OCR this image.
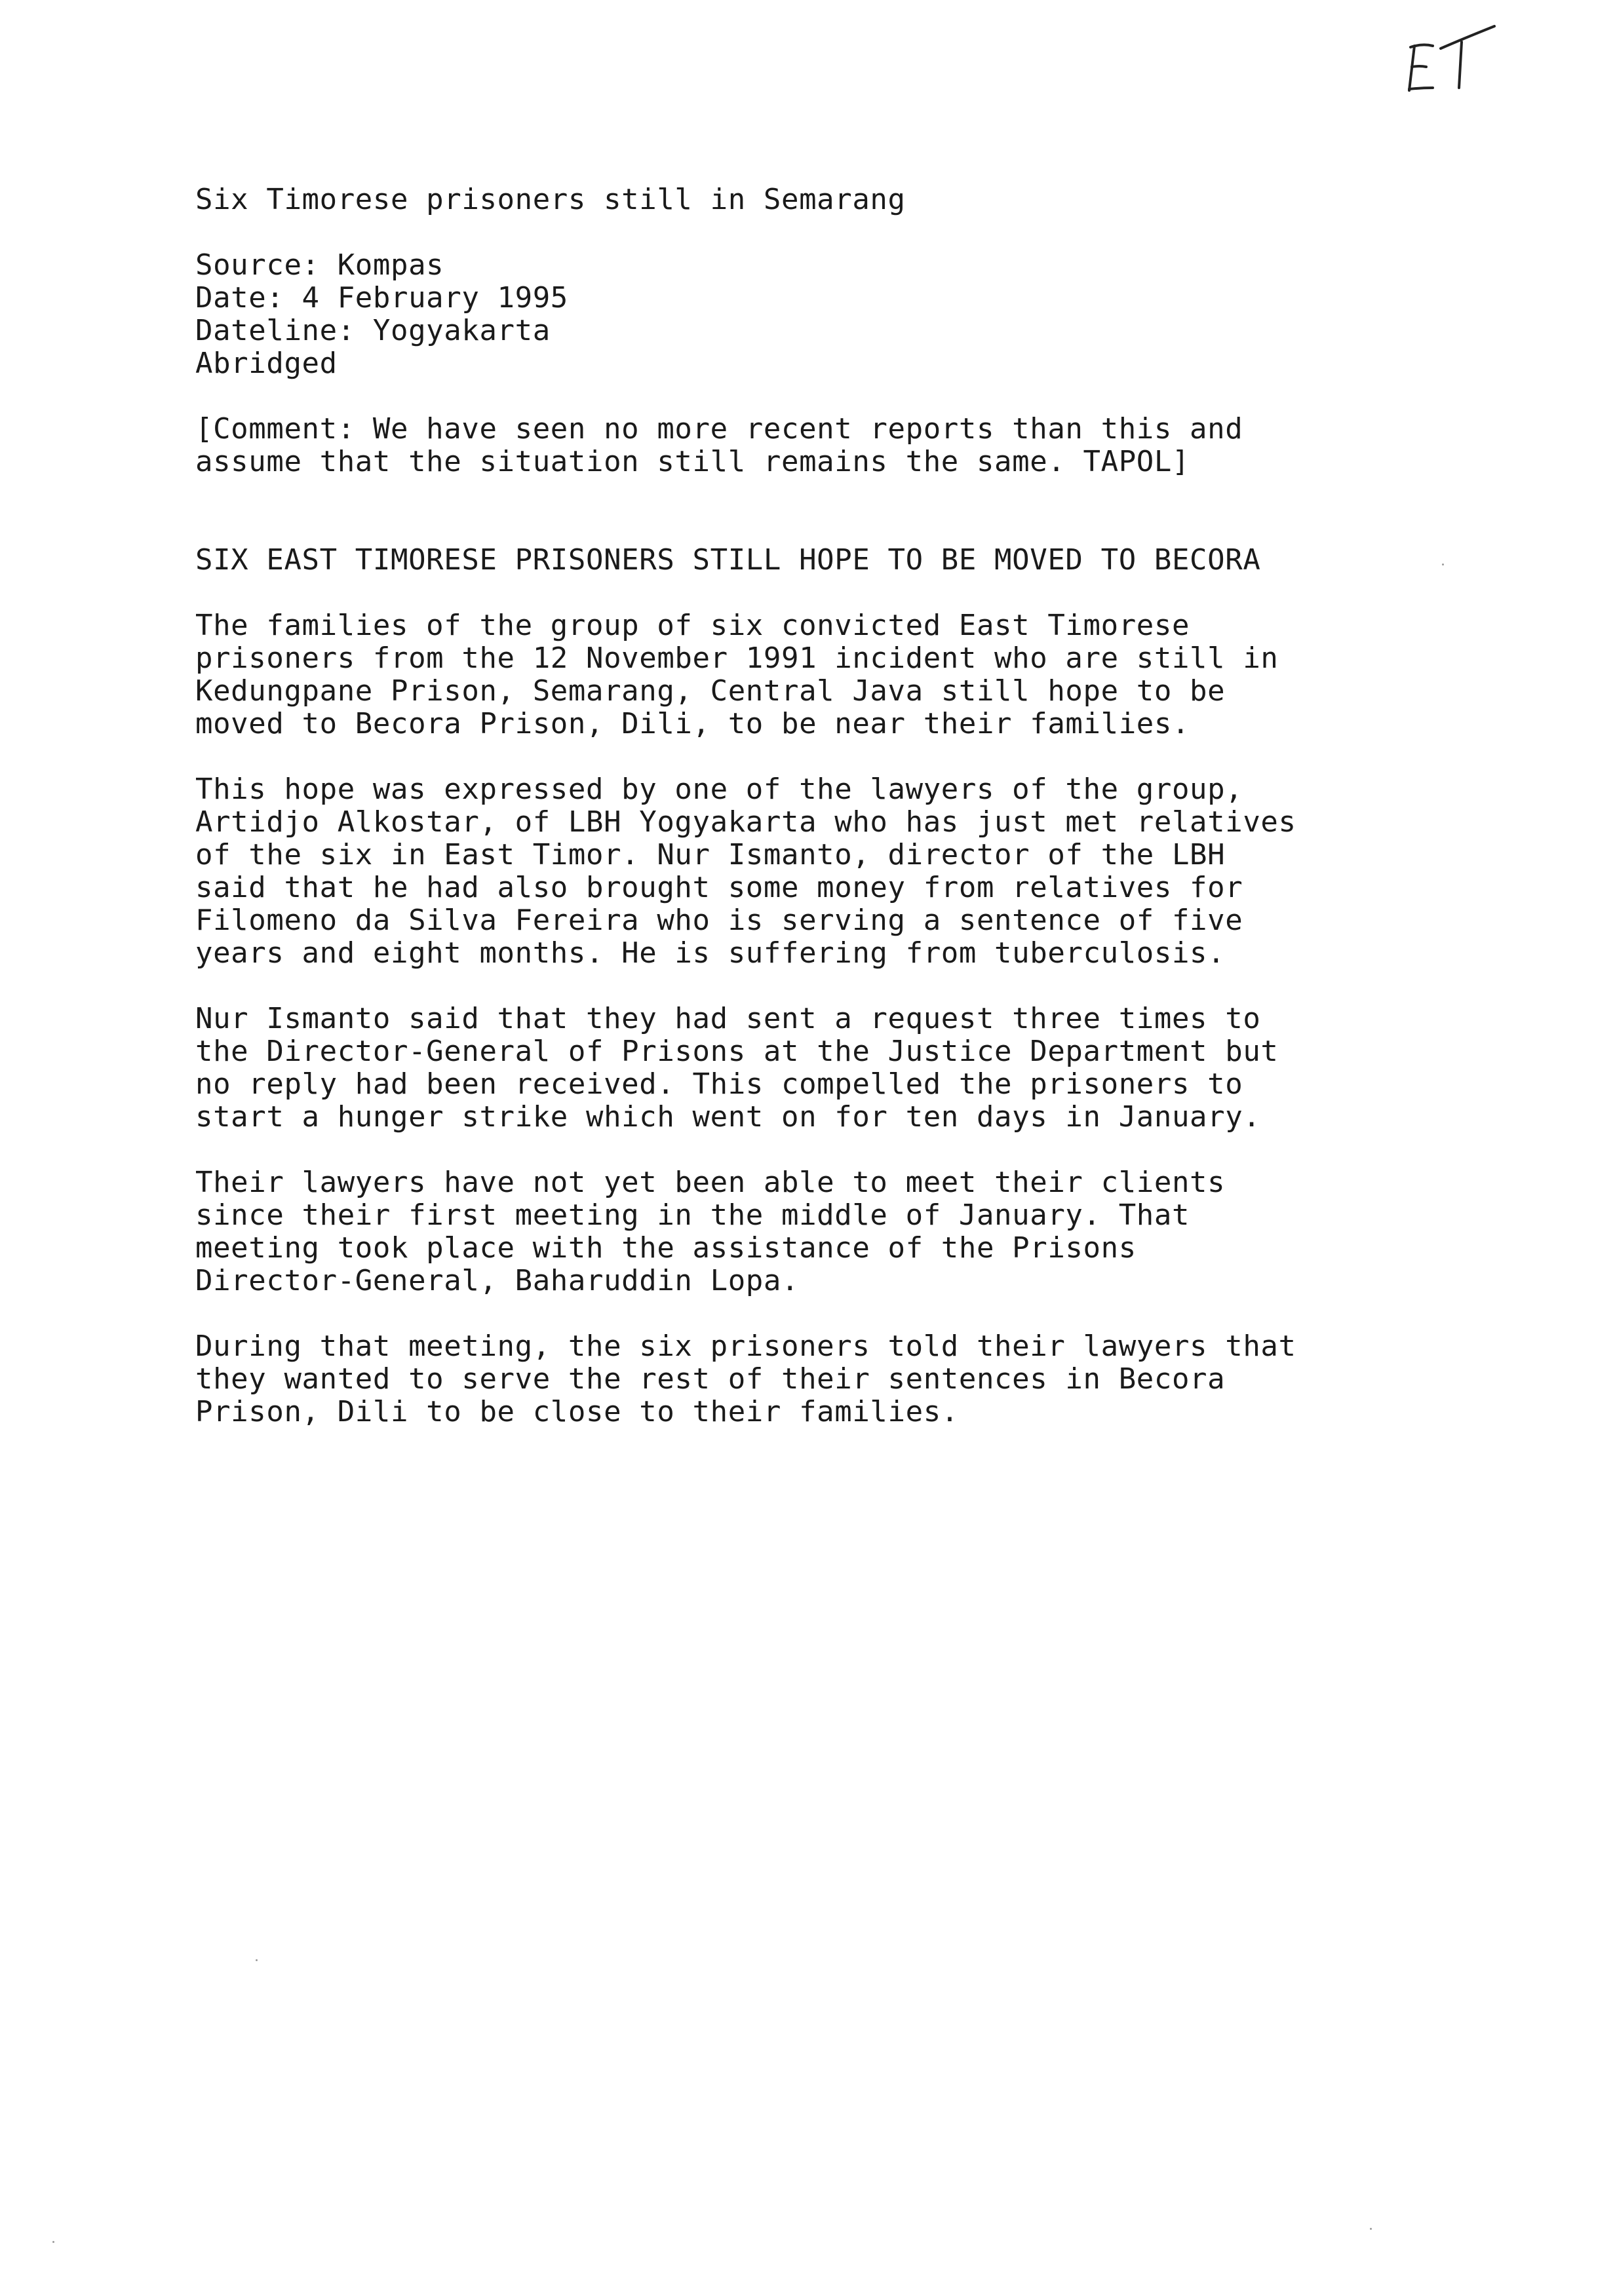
Six Timorese prisoners still in Semarang
Source: Kompas
Date: 4 February 1995
Dateline: Yogyakarta
Abridged
[Comment: We have seen no more recent reports than this and
assume that the situation still remains the same. TAPOL]
SIX EAST TIMORESE PRISONERS STILL HOPE TO BE MOVED TO BECORA
The families of the group of six convicted East Timorese
prisoners from the 12 November 1991 incident who are still in
Kedungpane Prison, Semarang, Central Java still hope to be
moved to Becora Prison, Dili, to be near their families.
This hope was expressed by one of the lawyers of the group,
Artidjo Alkostar, of LBH Yogyakarta who has just met relatives
of the six in East Timor. Nur Ismanto, director of the LBH
said that he had also brought some money from relatives for
Filomeno da Silva Fereira who is serving a sentence of five
years and eight months. He is suffering from tuberculosis.
Nur Ismanto said that they had sent a request three times to
the Director-General of Prisons at the Justice Department but
no reply had been received. This compelled the prisoners to
start a hunger strike which went on for ten days in January.
Their lawyers have not yet been able to meet their clients
since their first meeting in the middle of January. That
meeting took place with the assistance of the Prisons
Director-General, Baharuddin Lopa.
During that meeting, the six prisoners told their lawyers that
they wanted to serve the rest of their sentences in Becora
Prison, Dili to be close to their families.
